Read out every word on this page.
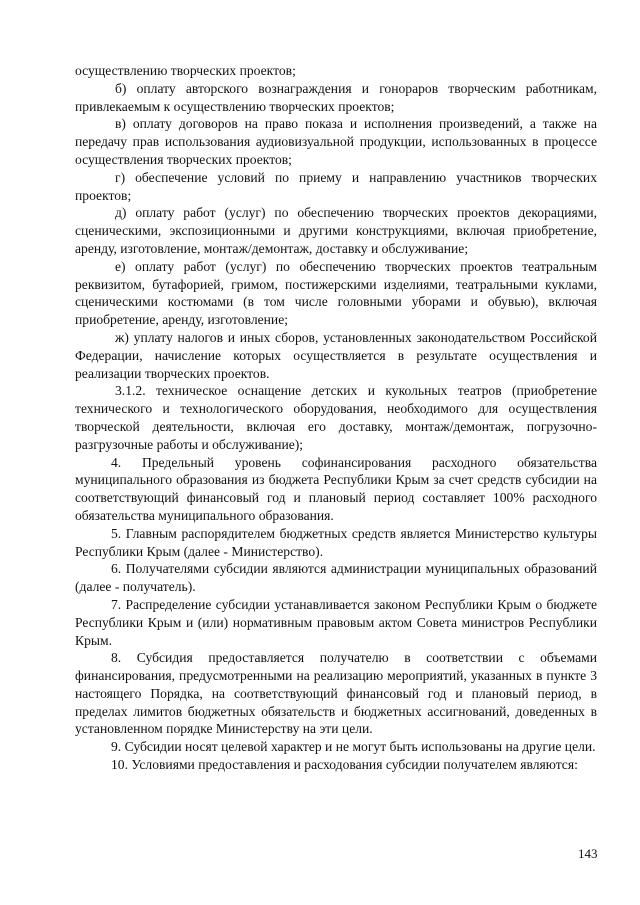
осуществлению творческих проектов;

б) оплату авторского вознаграждения и гонораров творческим работникам, привлекаемым к осуществлению творческих проектов;

в) оплату договоров на право показа и исполнения произведений, а также на передачу прав использования аудиовизуальной продукции, использованных в процессе осуществления творческих проектов;

г) обеспечение условий по приему и направлению участников творческих проектов;

д) оплату работ (услуг) по обеспечению творческих проектов декорациями, сценическими, экспозиционными и другими конструкциями, включая приобретение, аренду, изготовление, монтаж/демонтаж, доставку и обслуживание;

е) оплату работ (услуг) по обеспечению творческих проектов театральным реквизитом, бутафорией, гримом, постижерскими изделиями, театральными куклами, сценическими костюмами (в том числе головными уборами и обувью), включая приобретение, аренду, изготовление;

ж) уплату налогов и иных сборов, установленных законодательством Российской Федерации, начисление которых осуществляется в результате осуществления и реализации творческих проектов.

3.1.2. техническое оснащение детских и кукольных театров (приобретение технического и технологического оборудования, необходимого для осуществления творческой деятельности, включая его доставку, монтаж/демонтаж, погрузочно-разгрузочные работы и обслуживание);

4. Предельный уровень софинансирования расходного обязательства муниципального образования из бюджета Республики Крым за счет средств субсидии на соответствующий финансовый год и плановый период составляет 100% расходного обязательства муниципального образования.

5. Главным распорядителем бюджетных средств является Министерство культуры Республики Крым (далее - Министерство).

6. Получателями субсидии являются администрации муниципальных образований (далее - получатель).

7. Распределение субсидии устанавливается законом Республики Крым о бюджете Республики Крым и (или) нормативным правовым актом Совета министров Республики Крым.

8. Субсидия предоставляется получателю в соответствии с объемами финансирования, предусмотренными на реализацию мероприятий, указанных в пункте 3 настоящего Порядка, на соответствующий финансовый год и плановый период, в пределах лимитов бюджетных обязательств и бюджетных ассигнований, доведенных в установленном порядке Министерству на эти цели.

9. Субсидии носят целевой характер и не могут быть использованы на другие цели.

10. Условиями предоставления и расходования субсидии получателем являются:

143
